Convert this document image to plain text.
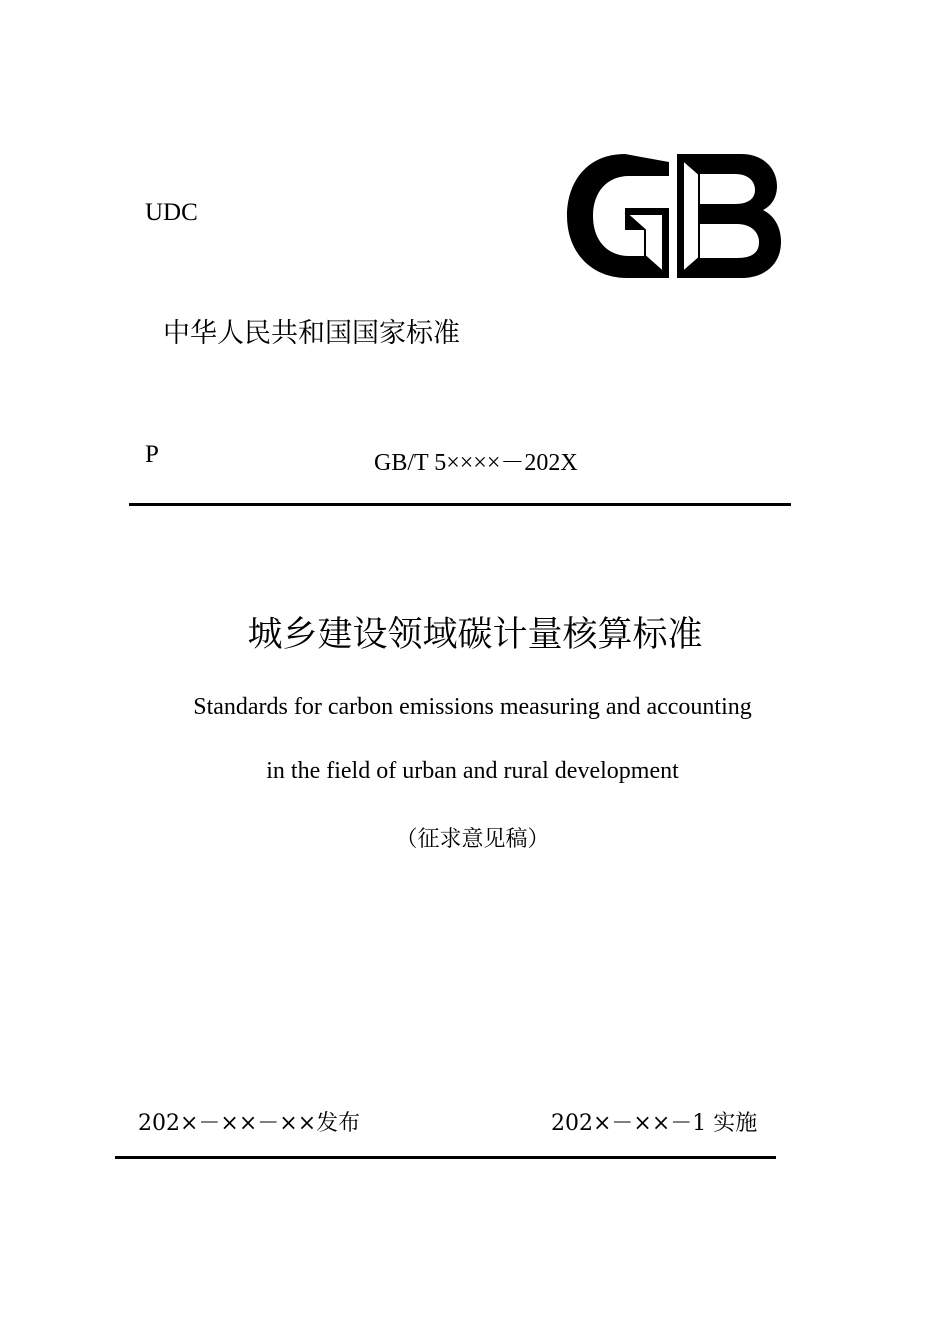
UDC
中华人民共和国国家标准
P	GB/T 5××××－202X
城乡建设领域碳计量核算标准
Standards for carbon emissions measuring and accounting
in the field of urban and rural development
（征求意见稿）
202×－××－××发布	202×－××－1 实施
